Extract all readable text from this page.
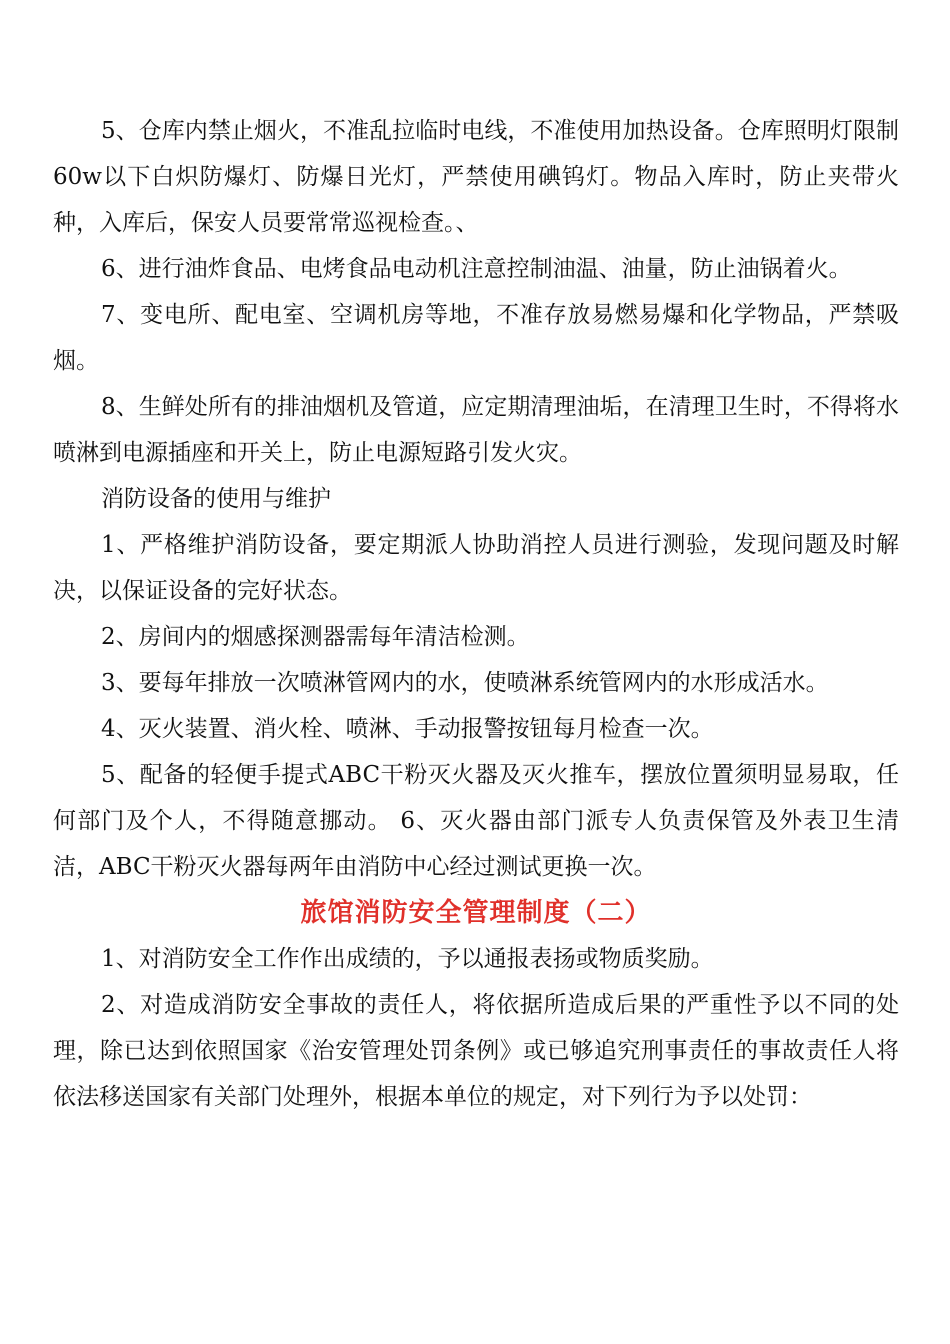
5、仓库内禁止烟火，不准乱拉临时电线，不准使用加热设备。仓库照明灯限制60w以下白炽防爆灯、防爆日光灯，严禁使用碘钨灯。物品入库时，防止夹带火种，入库后，保安人员要常常巡视检查。、

6、进行油炸食品、电烤食品电动机注意控制油温、油量，防止油锅着火。

7、变电所、配电室、空调机房等地，不准存放易燃易爆和化学物品，严禁吸烟。

8、生鲜处所有的排油烟机及管道，应定期清理油垢，在清理卫生时，不得将水喷淋到电源插座和开关上，防止电源短路引发火灾。

消防设备的使用与维护

1、严格维护消防设备，要定期派人协助消控人员进行测验，发现问题及时解决，以保证设备的完好状态。

2、房间内的烟感探测器需每年清洁检测。

3、要每年排放一次喷淋管网内的水，使喷淋系统管网内的水形成活水。

4、灭火装置、消火栓、喷淋、手动报警按钮每月检查一次。

5、配备的轻便手提式ABC干粉灭火器及灭火推车，摆放位置须明显易取，任何部门及个人，不得随意挪动。 6、灭火器由部门派专人负责保管及外表卫生清洁，ABC干粉灭火器每两年由消防中心经过测试更换一次。

旅馆消防安全管理制度（二）

1、对消防安全工作作出成绩的，予以通报表扬或物质奖励。

2、对造成消防安全事故的责任人，将依据所造成后果的严重性予以不同的处理，除已达到依照国家《治安管理处罚条例》或已够追究刑事责任的事故责任人将依法移送国家有关部门处理外，根据本单位的规定，对下列行为予以处罚：
